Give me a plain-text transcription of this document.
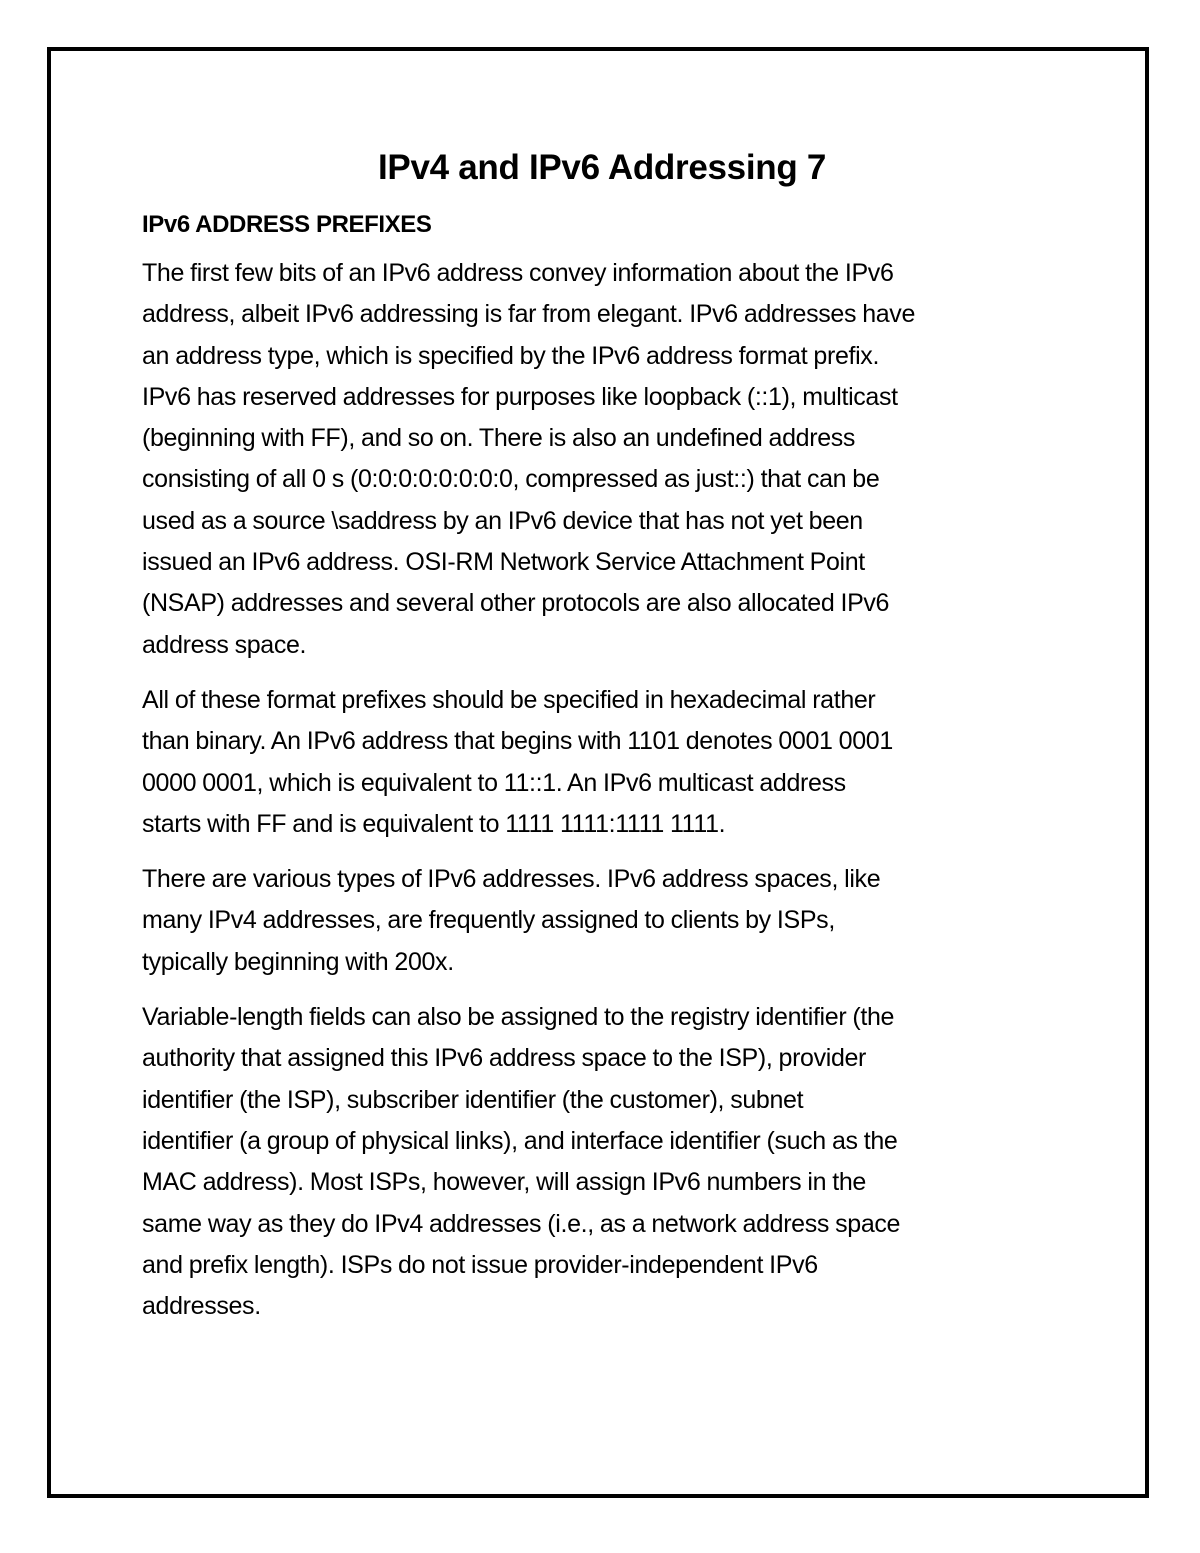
IPv4 and IPv6 Addressing 7
IPv6 ADDRESS PREFIXES

The first few bits of an IPv6 address convey information about the IPv6
address, albeit IPv6 addressing is far from elegant. IPv6 addresses have
an address type, which is specified by the IPv6 address format prefix.
IPv6 has reserved addresses for purposes like loopback (::1), multicast
(beginning with FF), and so on. There is also an undefined address
consisting of all 0 s (0:0:0:0:0:0:0:0, compressed as just::) that can be
used as a source \saddress by an IPv6 device that has not yet been
issued an IPv6 address. OSI-RM Network Service Attachment Point
(NSAP) addresses and several other protocols are also allocated IPv6
address space.

All of these format prefixes should be specified in hexadecimal rather
than binary. An IPv6 address that begins with 1101 denotes 0001 0001
0000 0001, which is equivalent to 11::1. An IPv6 multicast address
starts with FF and is equivalent to 1111 1111:1111 1111.

There are various types of IPv6 addresses. IPv6 address spaces, like
many IPv4 addresses, are frequently assigned to clients by ISPs,
typically beginning with 200x.

Variable-length fields can also be assigned to the registry identifier (the
authority that assigned this IPv6 address space to the ISP), provider
identifier (the ISP), subscriber identifier (the customer), subnet
identifier (a group of physical links), and interface identifier (such as the
MAC address). Most ISPs, however, will assign IPv6 numbers in the
same way as they do IPv4 addresses (i.e., as a network address space
and prefix length). ISPs do not issue provider-independent IPv6
addresses.
